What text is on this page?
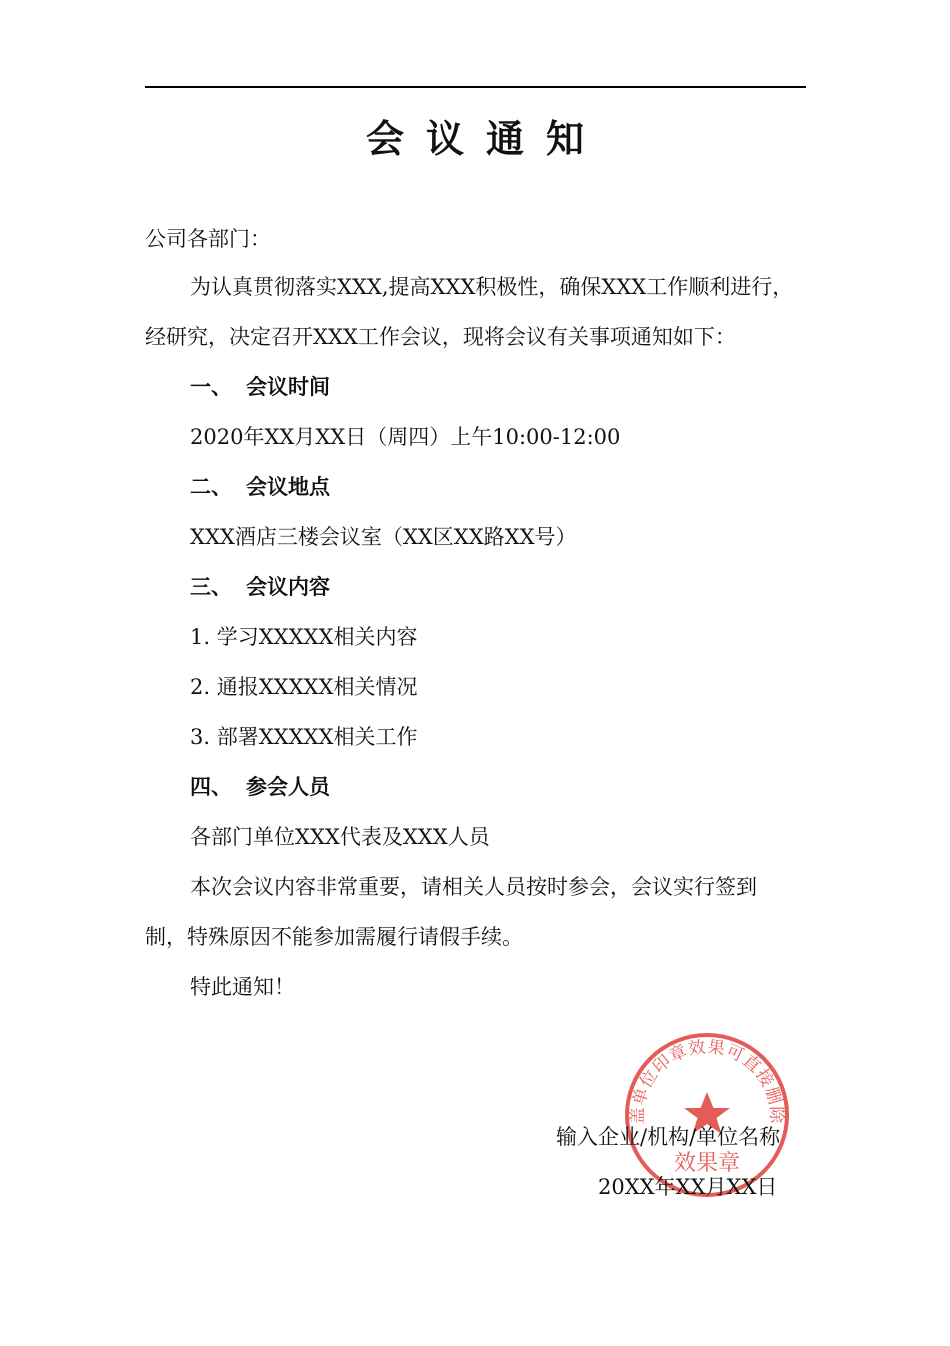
会议通知
公司各部门：
为认真贯彻落实XXX,提高XXX积极性，确保XXX工作顺利进行，
经研究，决定召开XXX工作会议，现将会议有关事项通知如下：
一、 会议时间
2020年XX月XX日（周四）上午10:00-12:00
二、 会议地点
XXX酒店三楼会议室（XX区XX路XX号）
三、 会议内容
1. 学习XXXXX相关内容
2. 通报XXXXX相关情况
3. 部署XXXXX相关工作
四、 参会人员
各部门单位XXX代表及XXX人员
本次会议内容非常重要，请相关人员按时参会，会议实行签到
制，特殊原因不能参加需履行请假手续。
特此通知！
盖单位印章效果可直接删除
效果章
输入企业/机构/单位名称
20XX年XX月XX日
